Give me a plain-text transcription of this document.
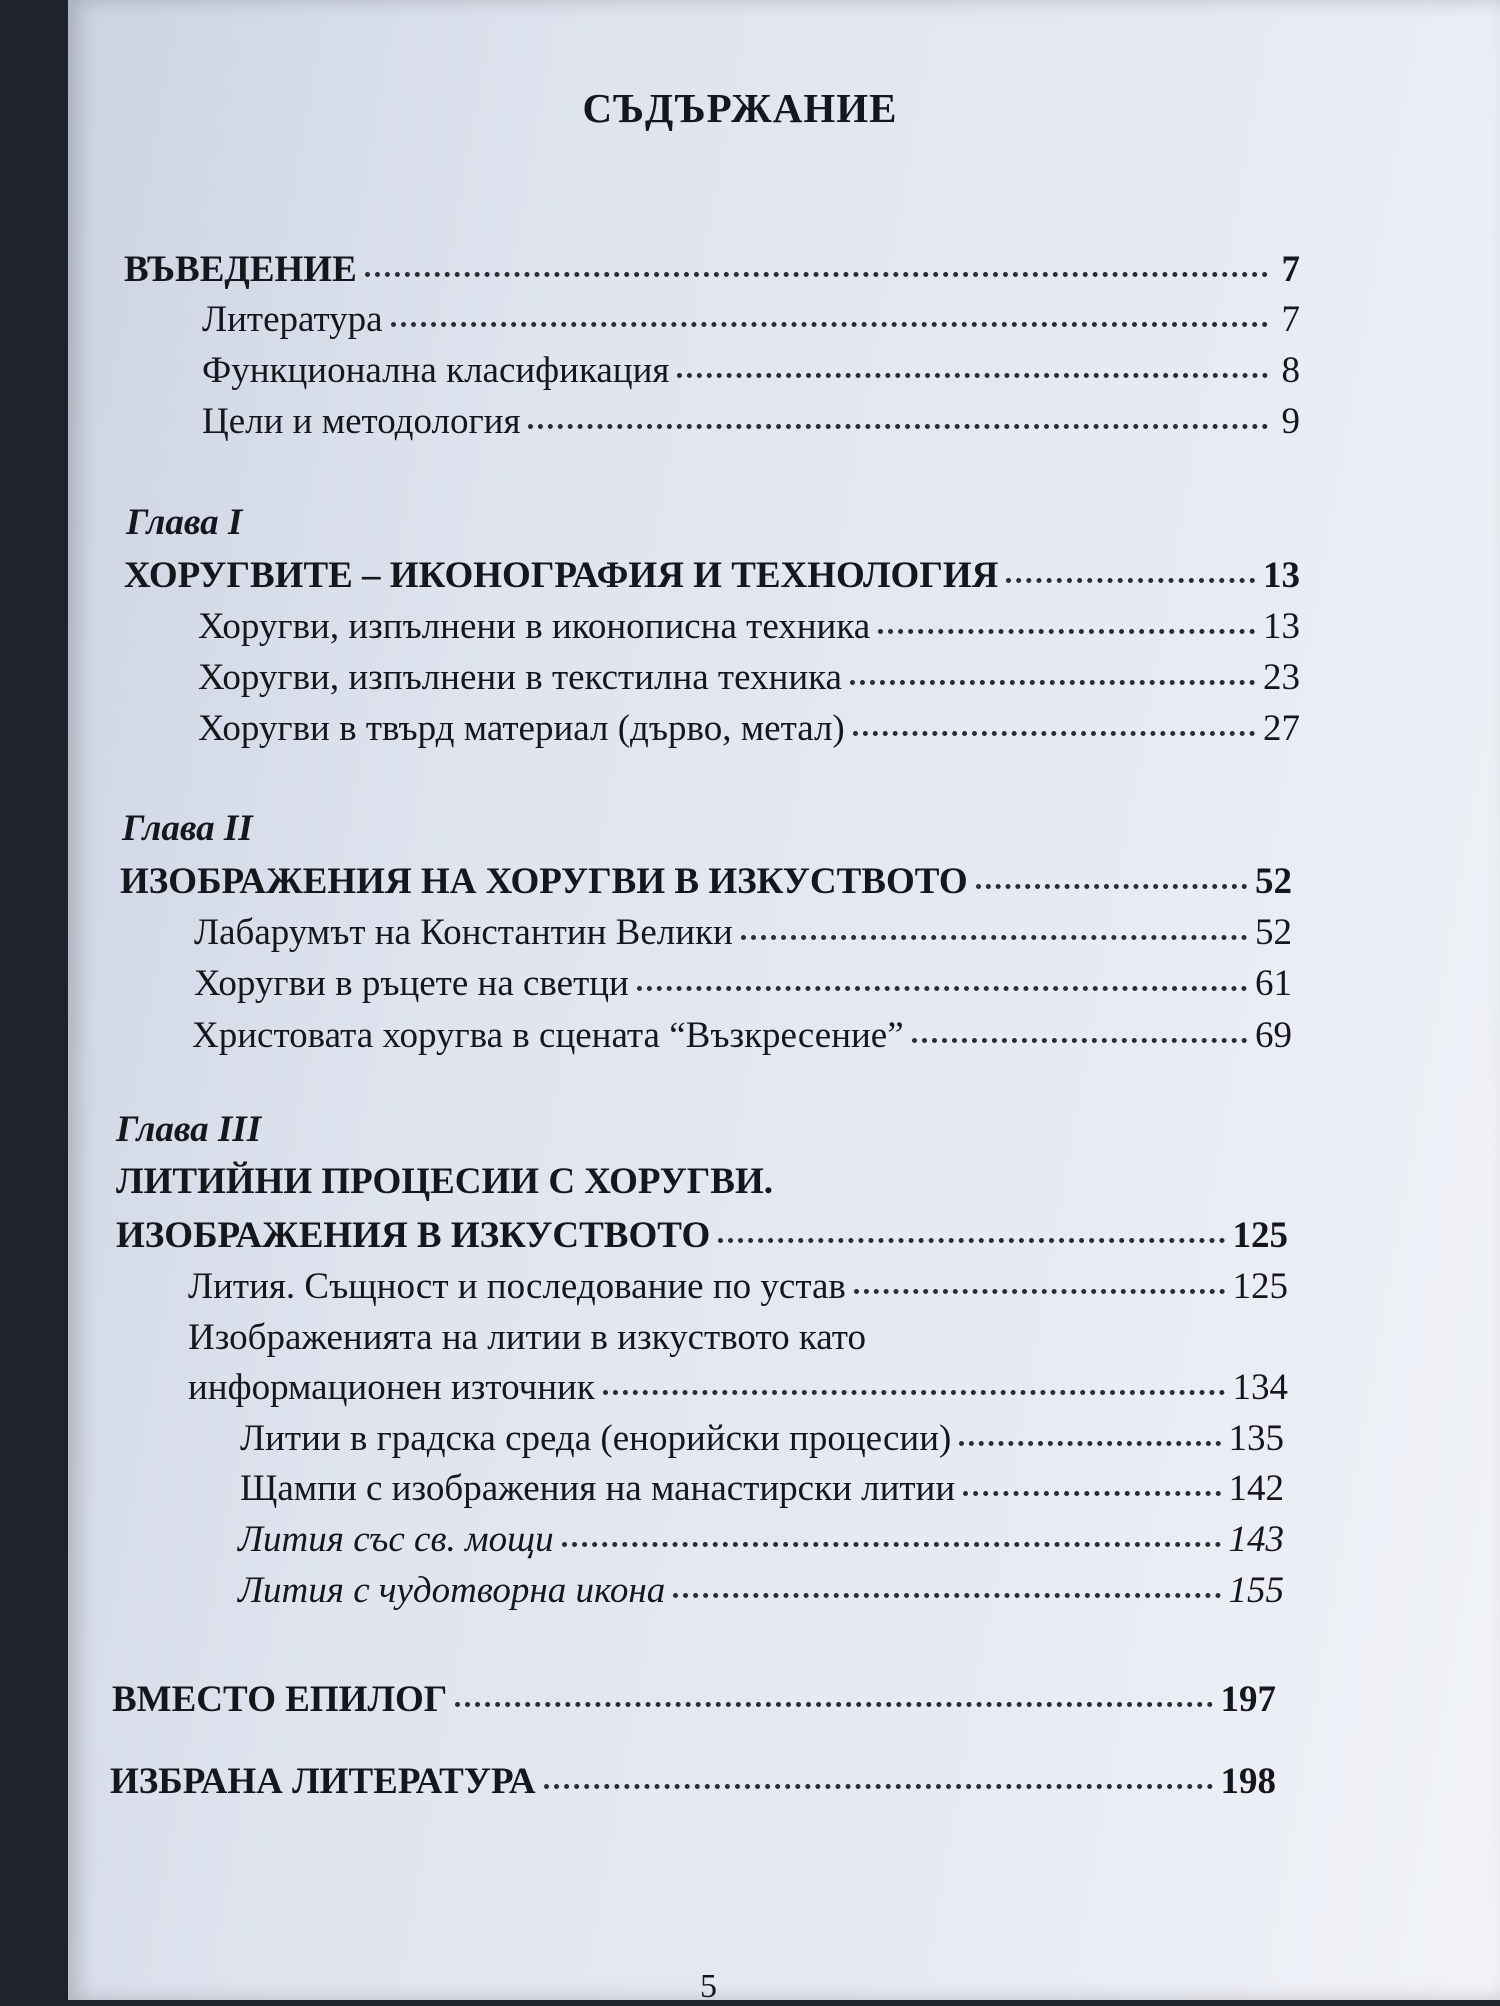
СЪДЪРЖАНИЕ
ВЪВЕДЕНИЕ	7
Литература	7
Функционална класификация	8
Цели и методология	9
Глава I
ХОРУГВИТЕ – ИКОНОГРАФИЯ И ТЕХНОЛОГИЯ	13
Хоругви, изпълнени в иконописна техника	13
Хоругви, изпълнени в текстилна техника	23
Хоругви в твърд материал (дърво, метал)	27
Глава II
ИЗОБРАЖЕНИЯ НА ХОРУГВИ В ИЗКУСТВОТО	52
Лабарумът на Константин Велики	52
Хоругви в ръцете на светци	61
Христовата хоругва в сцената “Възкресение”	69
Глава III
ЛИТИЙНИ ПРОЦЕСИИ С ХОРУГВИ.
ИЗОБРАЖЕНИЯ В ИЗКУСТВОТО	125
Лития. Същност и последование по устав	125
Изображенията на литии в изкуството като
информационен източник	134
Литии в градска среда (енорийски процесии)	135
Щампи с изображения на манастирски литии	142
Лития със св. мощи	143
Лития с чудотворна икона	155
ВМЕСТО ЕПИЛОГ	197
ИЗБРАНА ЛИТЕРАТУРА	198
5
